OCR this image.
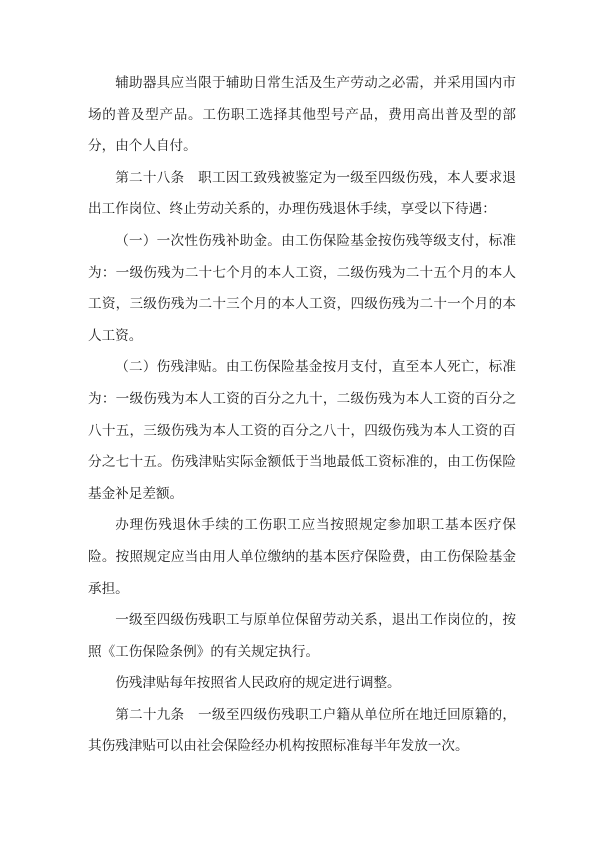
辅助器具应当限于辅助日常生活及生产劳动之必需，并采用国内市场的普及型产品。工伤职工选择其他型号产品，费用高出普及型的部分，由个人自付。

第二十八条　职工因工致残被鉴定为一级至四级伤残，本人要求退出工作岗位、终止劳动关系的，办理伤残退休手续，享受以下待遇：

（一）一次性伤残补助金。由工伤保险基金按伤残等级支付，标准为：一级伤残为二十七个月的本人工资，二级伤残为二十五个月的本人工资，三级伤残为二十三个月的本人工资，四级伤残为二十一个月的本人工资。

（二）伤残津贴。由工伤保险基金按月支付，直至本人死亡，标准为：一级伤残为本人工资的百分之九十，二级伤残为本人工资的百分之八十五，三级伤残为本人工资的百分之八十，四级伤残为本人工资的百分之七十五。伤残津贴实际金额低于当地最低工资标准的，由工伤保险基金补足差额。

办理伤残退休手续的工伤职工应当按照规定参加职工基本医疗保险。按照规定应当由用人单位缴纳的基本医疗保险费，由工伤保险基金承担。

一级至四级伤残职工与原单位保留劳动关系，退出工作岗位的，按照《工伤保险条例》的有关规定执行。

伤残津贴每年按照省人民政府的规定进行调整。

第二十九条　一级至四级伤残职工户籍从单位所在地迁回原籍的，其伤残津贴可以由社会保险经办机构按照标准每半年发放一次。
